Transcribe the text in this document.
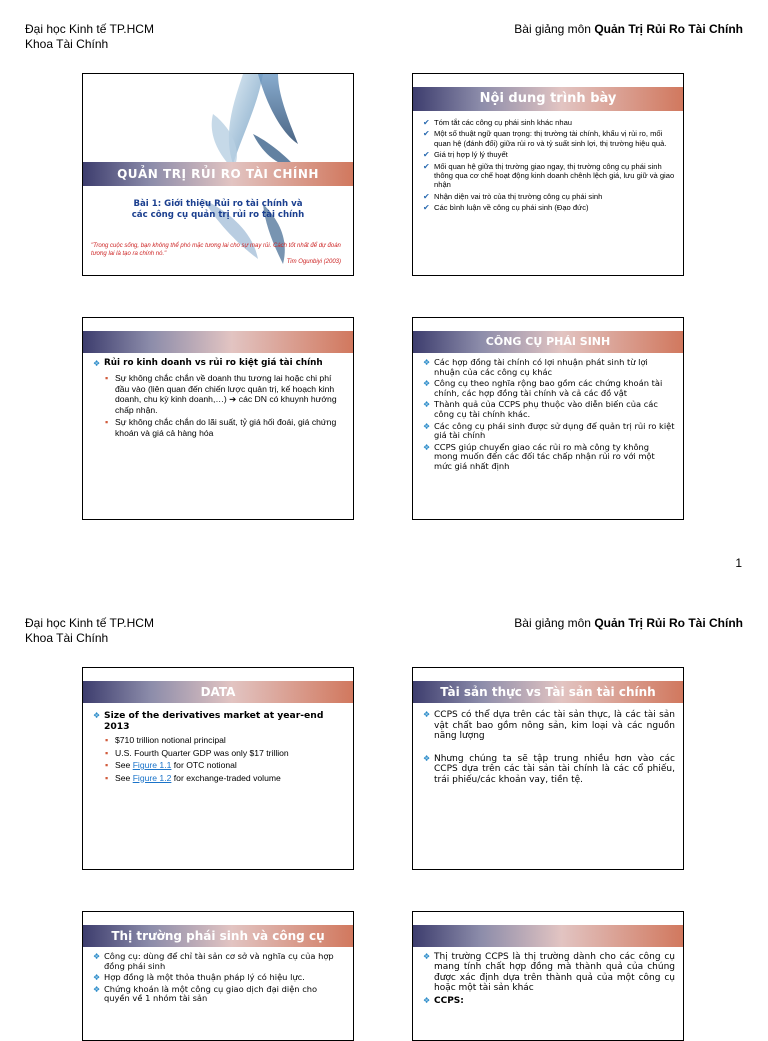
Đại học Kinh tế TP.HCM
Khoa Tài Chính
Bài giảng môn Quản Trị Rủi Ro Tài Chính
QUẢN TRỊ RỦI RO TÀI CHÍNH
Bài 1: Giới thiệu Rủi ro tài chính và
các công cụ quản trị rủi ro tài chính
"Trong cuộc sống, bạn không thể phó mặc tương lai cho sự may rủi. Cách tốt nhất để dự đoán tương lai là tạo ra chính nó."
Tim Ogunbiyi (2003)
Nội dung trình bày
✔ Tóm tắt các công cụ phái sinh khác nhau
✔ Một số thuật ngữ quan trọng: thị trường tài chính, khẩu vị rủi ro, mối quan hệ (đánh đổi) giữa rủi ro và tỷ suất sinh lợi, thị trường hiệu quả.
✔ Giá trị hợp lý lý thuyết
✔ Mối quan hệ giữa thị trường giao ngay, thị trường công cụ phái sinh thông qua cơ chế hoạt động kinh doanh chênh lệch giá, lưu giữ và giao nhận
✔ Nhận diện vai trò của thị trường công cụ phái sinh
✔ Các bình luận về công cụ phái sinh (Đạo đức)
❖ Rủi ro kinh doanh vs rủi ro kiệt giá tài chính
▪ Sự không chắc chắn về doanh thu tương lai hoặc chi phí đầu vào (liên quan đến chiến lược quản trị, kế hoạch kinh doanh, chu kỳ kinh doanh,…) ➔ các DN có khuynh hướng chấp nhận.
▪ Sự không chắc chắn do lãi suất, tỷ giá hối đoái, giá chứng khoán và giá cả hàng hóa
CÔNG CỤ PHÁI SINH
❖ Các hợp đồng tài chính có lợi nhuận phát sinh từ lợi nhuận của các công cụ khác
❖ Công cụ theo nghĩa rộng bao gồm các chứng khoán tài chính, các hợp đồng tài chính và cả các đồ vật
❖ Thành quả của CCPS phụ thuộc vào diễn biến của các công cụ tài chính khác.
❖ Các công cụ phái sinh được sử dụng để quản trị rủi ro kiệt giá tài chính
❖ CCPS giúp chuyển giao các rủi ro mà công ty không mong muốn đến các đối tác chấp nhận rủi ro với một mức giá nhất định
1
Đại học Kinh tế TP.HCM
Khoa Tài Chính
Bài giảng môn Quản Trị Rủi Ro Tài Chính
DATA
❖ Size of the derivatives market at year-end 2013
▪ $710 trillion notional principal
▪ U.S. Fourth Quarter GDP was only $17 trillion
▪ See Figure 1.1 for OTC notional
▪ See Figure 1.2 for exchange-traded volume
Tài sản thực vs Tài sản tài chính
❖ CCPS có thể dựa trên các tài sản thực, là các tài sản vật chất bao gồm nông sản, kim loại và các nguồn năng lượng
❖ Nhưng chúng ta sẽ tập trung nhiều hơn vào các CCPS dựa trên các tài sản tài chính là các cổ phiếu, trái phiếu/các khoản vay, tiền tệ.
Thị trường phái sinh và công cụ
❖ Công cụ: dùng để chỉ tài sản cơ sở và nghĩa cụ của hợp đồng phái sinh
❖ Hợp đồng là một thỏa thuận pháp lý có hiệu lực.
❖ Chứng khoán là một công cụ giao dịch đại diện cho quyền về 1 nhóm tài sản
❖ Thị trường CCPS là thị trường dành cho các công cụ mang tính chất hợp đồng mà thành quả của chúng được xác định dựa trên thành quả của một công cụ hoặc một tài sản khác
❖ CCPS:
